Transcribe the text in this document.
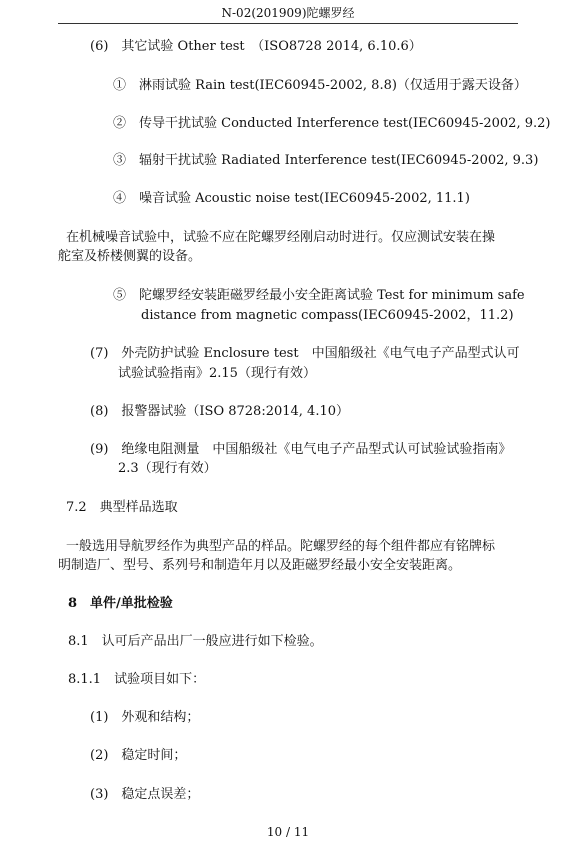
N-02(201909)陀螺罗经
(6)　其它试验 Other test　（ISO8728 2014, 6.10.6）
①　淋雨试验 Rain test(IEC60945-2002, 8.8)（仅适用于露天设备）
②　传导干扰试验 Conducted Interference test(IEC60945-2002, 9.2)
③　辐射干扰试验 Radiated Interference test(IEC60945-2002, 9.3)
④　噪音试验 Acoustic noise test(IEC60945-2002, 11.1)
在机械噪音试验中，试验不应在陀螺罗经刚启动时进行。仅应测试安装在操
舵室及桥楼侧翼的设备。
⑤　陀螺罗经安装距磁罗经最小安全距离试验 Test for minimum safe
distance from magnetic compass(IEC60945-2002，11.2)
(7)　外壳防护试验 Enclosure test　中国船级社《电气电子产品型式认可
试验试验指南》2.15（现行有效）
(8)　报警器试验（ISO 8728:2014, 4.10）
(9)　绝缘电阻测量　中国船级社《电气电子产品型式认可试验试验指南》
2.3（现行有效）
7.2　典型样品选取
一般选用导航罗经作为典型产品的样品。陀螺罗经的每个组件都应有铭牌标
明制造厂、型号、系列号和制造年月以及距磁罗经最小安全安装距离。
8　单件/单批检验
8.1　认可后产品出厂一般应进行如下检验。
8.1.1　试验项目如下：
(1)　外观和结构；
(2)　稳定时间；
(3)　稳定点误差；
10 / 11
